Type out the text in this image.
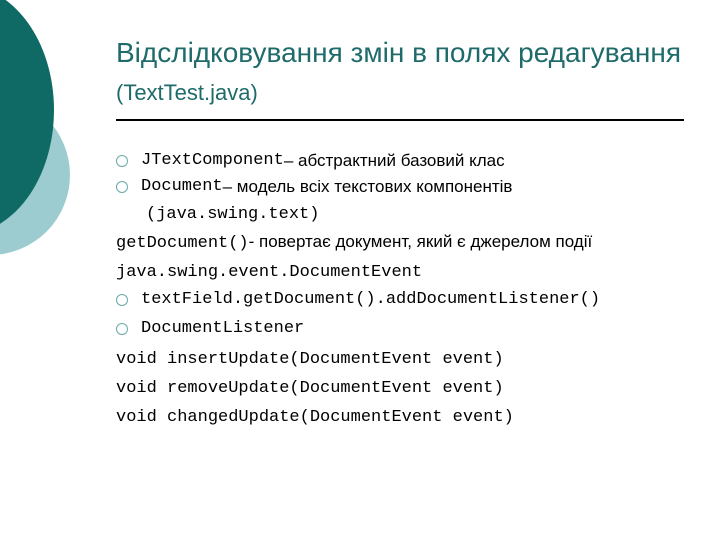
Відслідковування змін в полях редагування (TextTest.java)
JTextComponent – абстрактний базовий клас
Document – модель всіх текстових компонентів
(java.swing.text)
getDocument()- повертає документ, який є джерелом події
java.swing.event.DocumentEvent
textField.getDocument().addDocumentListener()
DocumentListener
void insertUpdate(DocumentEvent event)
void removeUpdate(DocumentEvent event)
void changedUpdate(DocumentEvent event)
